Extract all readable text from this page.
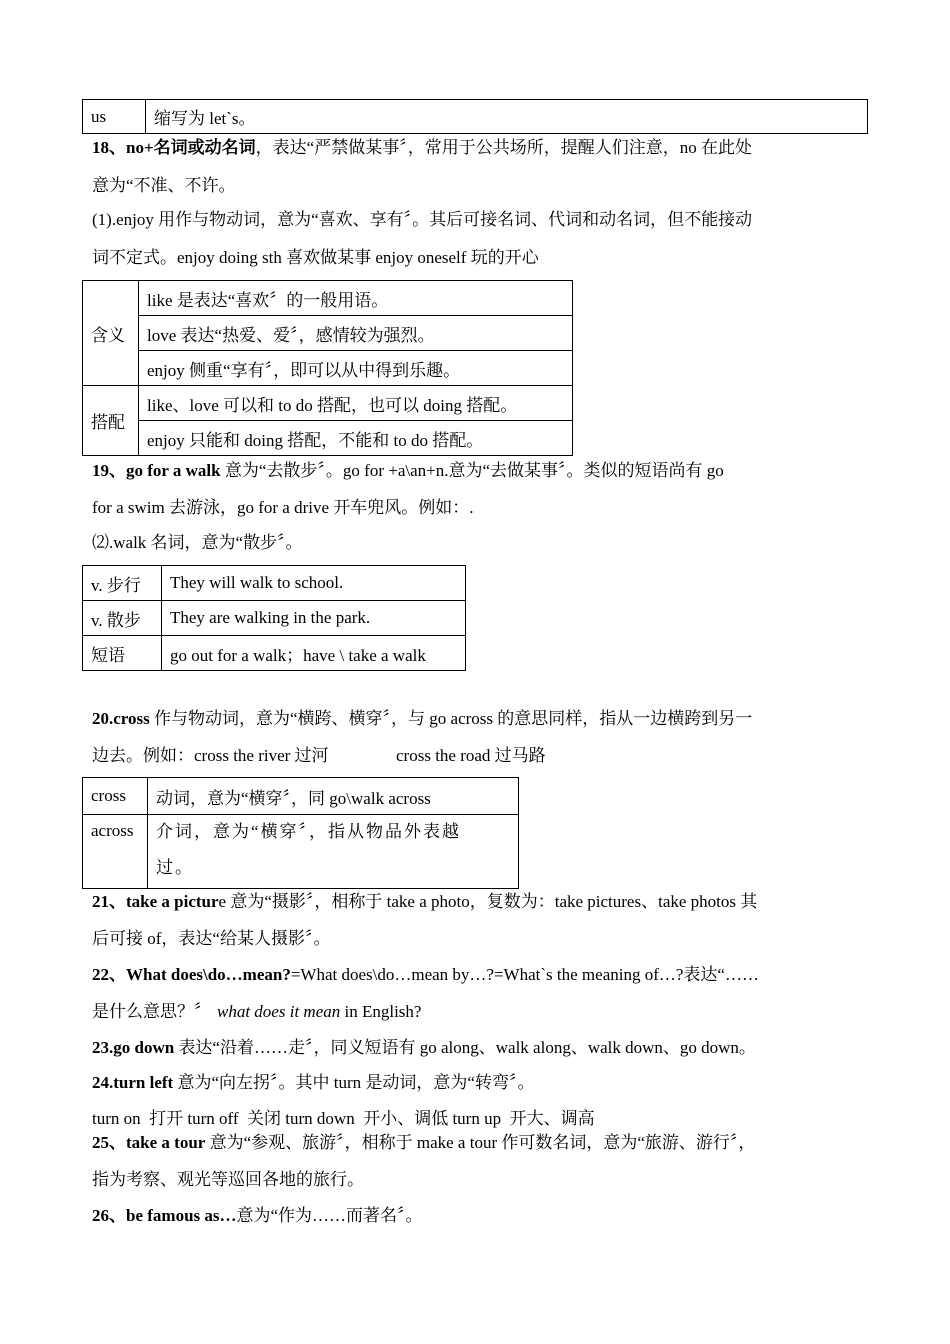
us	缩写为 let`s。
18、no+名词或动名词，表达“严禁做某事〞，常用于公共场所，提醒人们注意，no 在此处
意为“不准、不许。
(1).enjoy 用作与物动词，意为“喜欢、享有〞。其后可接名词、代词和动名词，但不能接动
词不定式。enjoy doing sth 喜欢做某事 enjoy oneself 玩的开心
含义	like 是表达“喜欢〞的一般用语。
	love 表达“热爱、爱〞，感情较为强烈。
	enjoy 侧重“享有〞，即可以从中得到乐趣。
搭配	like、love 可以和 to do 搭配，也可以 doing 搭配。
	enjoy 只能和 doing 搭配，不能和 to do 搭配。
19、go for a walk 意为“去散步〞。go for +a\an+n.意为“去做某事〞。类似的短语尚有 go
for a swim 去游泳，go for a drive 开车兜风。例如：.
⑵.walk 名词，意为“散步〞。
v. 步行	They will walk to school.
v. 散步	They are walking in the park.
短语	go out for a walk；have \ take a walk
20.cross 作与物动词，意为“横跨、横穿〞，与 go across 的意思同样，指从一边横跨到另一
边去。例如：cross the river 过河	cross the road 过马路
cross	动词，意为“横穿〞，同 go\walk across
across	介词，意为“横穿〞，指从物品外表越
过。
21、take a picture 意为“摄影〞，相称于 take a photo，复数为：take pictures、take photos 其
后可接 of，表达“给某人摄影〞。
22、What does\do…mean?=What does\do…mean by…?=What`s the meaning of…?表达“……
是什么意思？〞 what does it mean in English?
23.go down 表达“沿着……走〞，同义短语有 go along、walk along、walk down、go down。
24.turn left 意为“向左拐〞。其中 turn 是动词，意为“转弯〞。
turn on  打开 turn off  关闭 turn down  开小、调低 turn up  开大、调高
25、take a tour 意为“参观、旅游〞，相称于 make a tour 作可数名词，意为“旅游、游行〞，
指为考察、观光等巡回各地的旅行。
26、be famous as…意为“作为……而著名〞。
